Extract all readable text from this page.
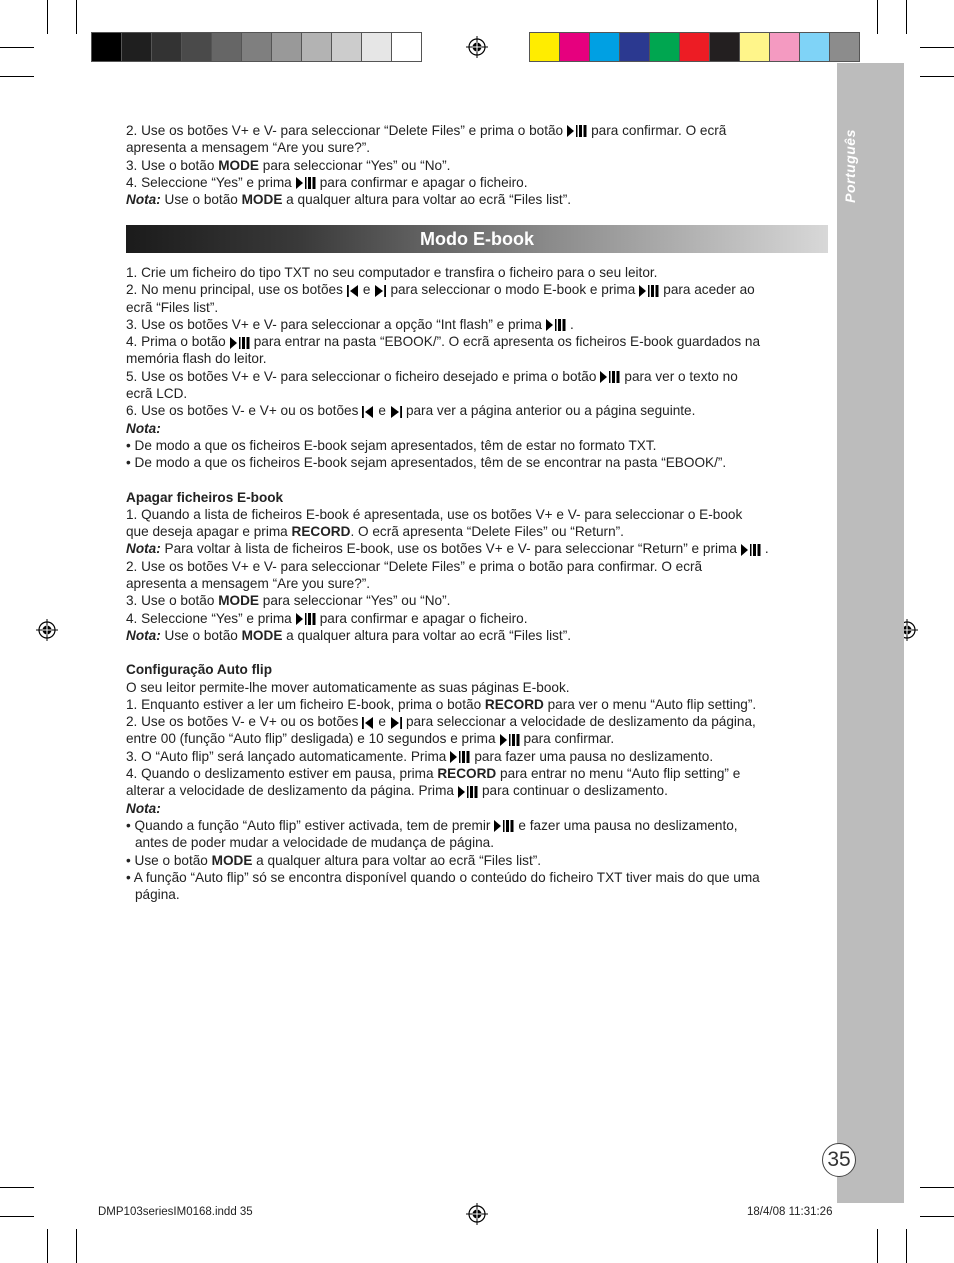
Português
35

2. Use os botões V+ e V- para seleccionar “Delete Files” e prima o botão para confirmar. O ecrã

apresenta a mensagem “Are you sure?”.

3. Use o botão MODE para seleccionar “Yes” ou “No”.

4. Seleccione “Yes” e prima para confirmar e apagar o ficheiro.

Nota: Use o botão MODE a qualquer altura para voltar ao ecrã “Files list”.

Modo E-book

1. Crie um ficheiro do tipo TXT no seu computador e transfira o ficheiro para o seu leitor.

2. No menu principal, use os botões e para seleccionar o modo E-book e prima para aceder ao

ecrã “Files list”.

3. Use os botões V+ e V- para seleccionar a opção “Int flash” e prima .

4. Prima o botão para entrar na pasta “EBOOK/”. O ecrã apresenta os ficheiros E-book guardados na

memória flash do leitor.

5. Use os botões V+ e V- para seleccionar o ficheiro desejado e prima o botão para ver o texto no

ecrã LCD.

6. Use os botões V- e V+ ou os botões e para ver a página anterior ou a página seguinte.

Nota:

• De modo a que os ficheiros E-book sejam apresentados, têm de estar no formato TXT.

• De modo a que os ficheiros E-book sejam apresentados, têm de se encontrar na pasta “EBOOK/”.

Apagar ficheiros E-book

1. Quando a lista de ficheiros E-book é apresentada, use os botões V+ e V- para seleccionar o E-book

que deseja apagar e prima RECORD. O ecrã apresenta “Delete Files” ou “Return”.

Nota: Para voltar à lista de ficheiros E-book, use os botões V+ e V- para seleccionar “Return” e prima .

2. Use os botões V+ e V- para seleccionar “Delete Files” e prima o botão para confirmar. O ecrã

apresenta a mensagem “Are you sure?”.

3. Use o botão MODE para seleccionar “Yes” ou “No”.

4. Seleccione “Yes” e prima para confirmar e apagar o ficheiro.

Nota: Use o botão MODE a qualquer altura para voltar ao ecrã “Files list”.

Configuração Auto flip

O seu leitor permite-lhe mover automaticamente as suas páginas E-book.

1. Enquanto estiver a ler um ficheiro E-book, prima o botão RECORD para ver o menu “Auto flip setting”.

2. Use os botões V- e V+ ou os botões e para seleccionar a velocidade de deslizamento da página,

entre 00 (função “Auto flip” desligada) e 10 segundos e prima para confirmar.

3. O “Auto flip” será lançado automaticamente. Prima para fazer uma pausa no deslizamento.

4. Quando o deslizamento estiver em pausa, prima RECORD para entrar no menu “Auto flip setting” e

alterar a velocidade de deslizamento da página. Prima para continuar o deslizamento.

Nota:

• Quando a função “Auto flip” estiver activada, tem de premir e fazer uma pausa no deslizamento,

antes de poder mudar a velocidade de mudança de página.

• Use o botão MODE a qualquer altura para voltar ao ecrã “Files list”.

• A função “Auto flip” só se encontra disponível quando o conteúdo do ficheiro TXT tiver mais do que uma

página.

DMP103seriesIM0168.indd 35	18/4/08 11:31:26
